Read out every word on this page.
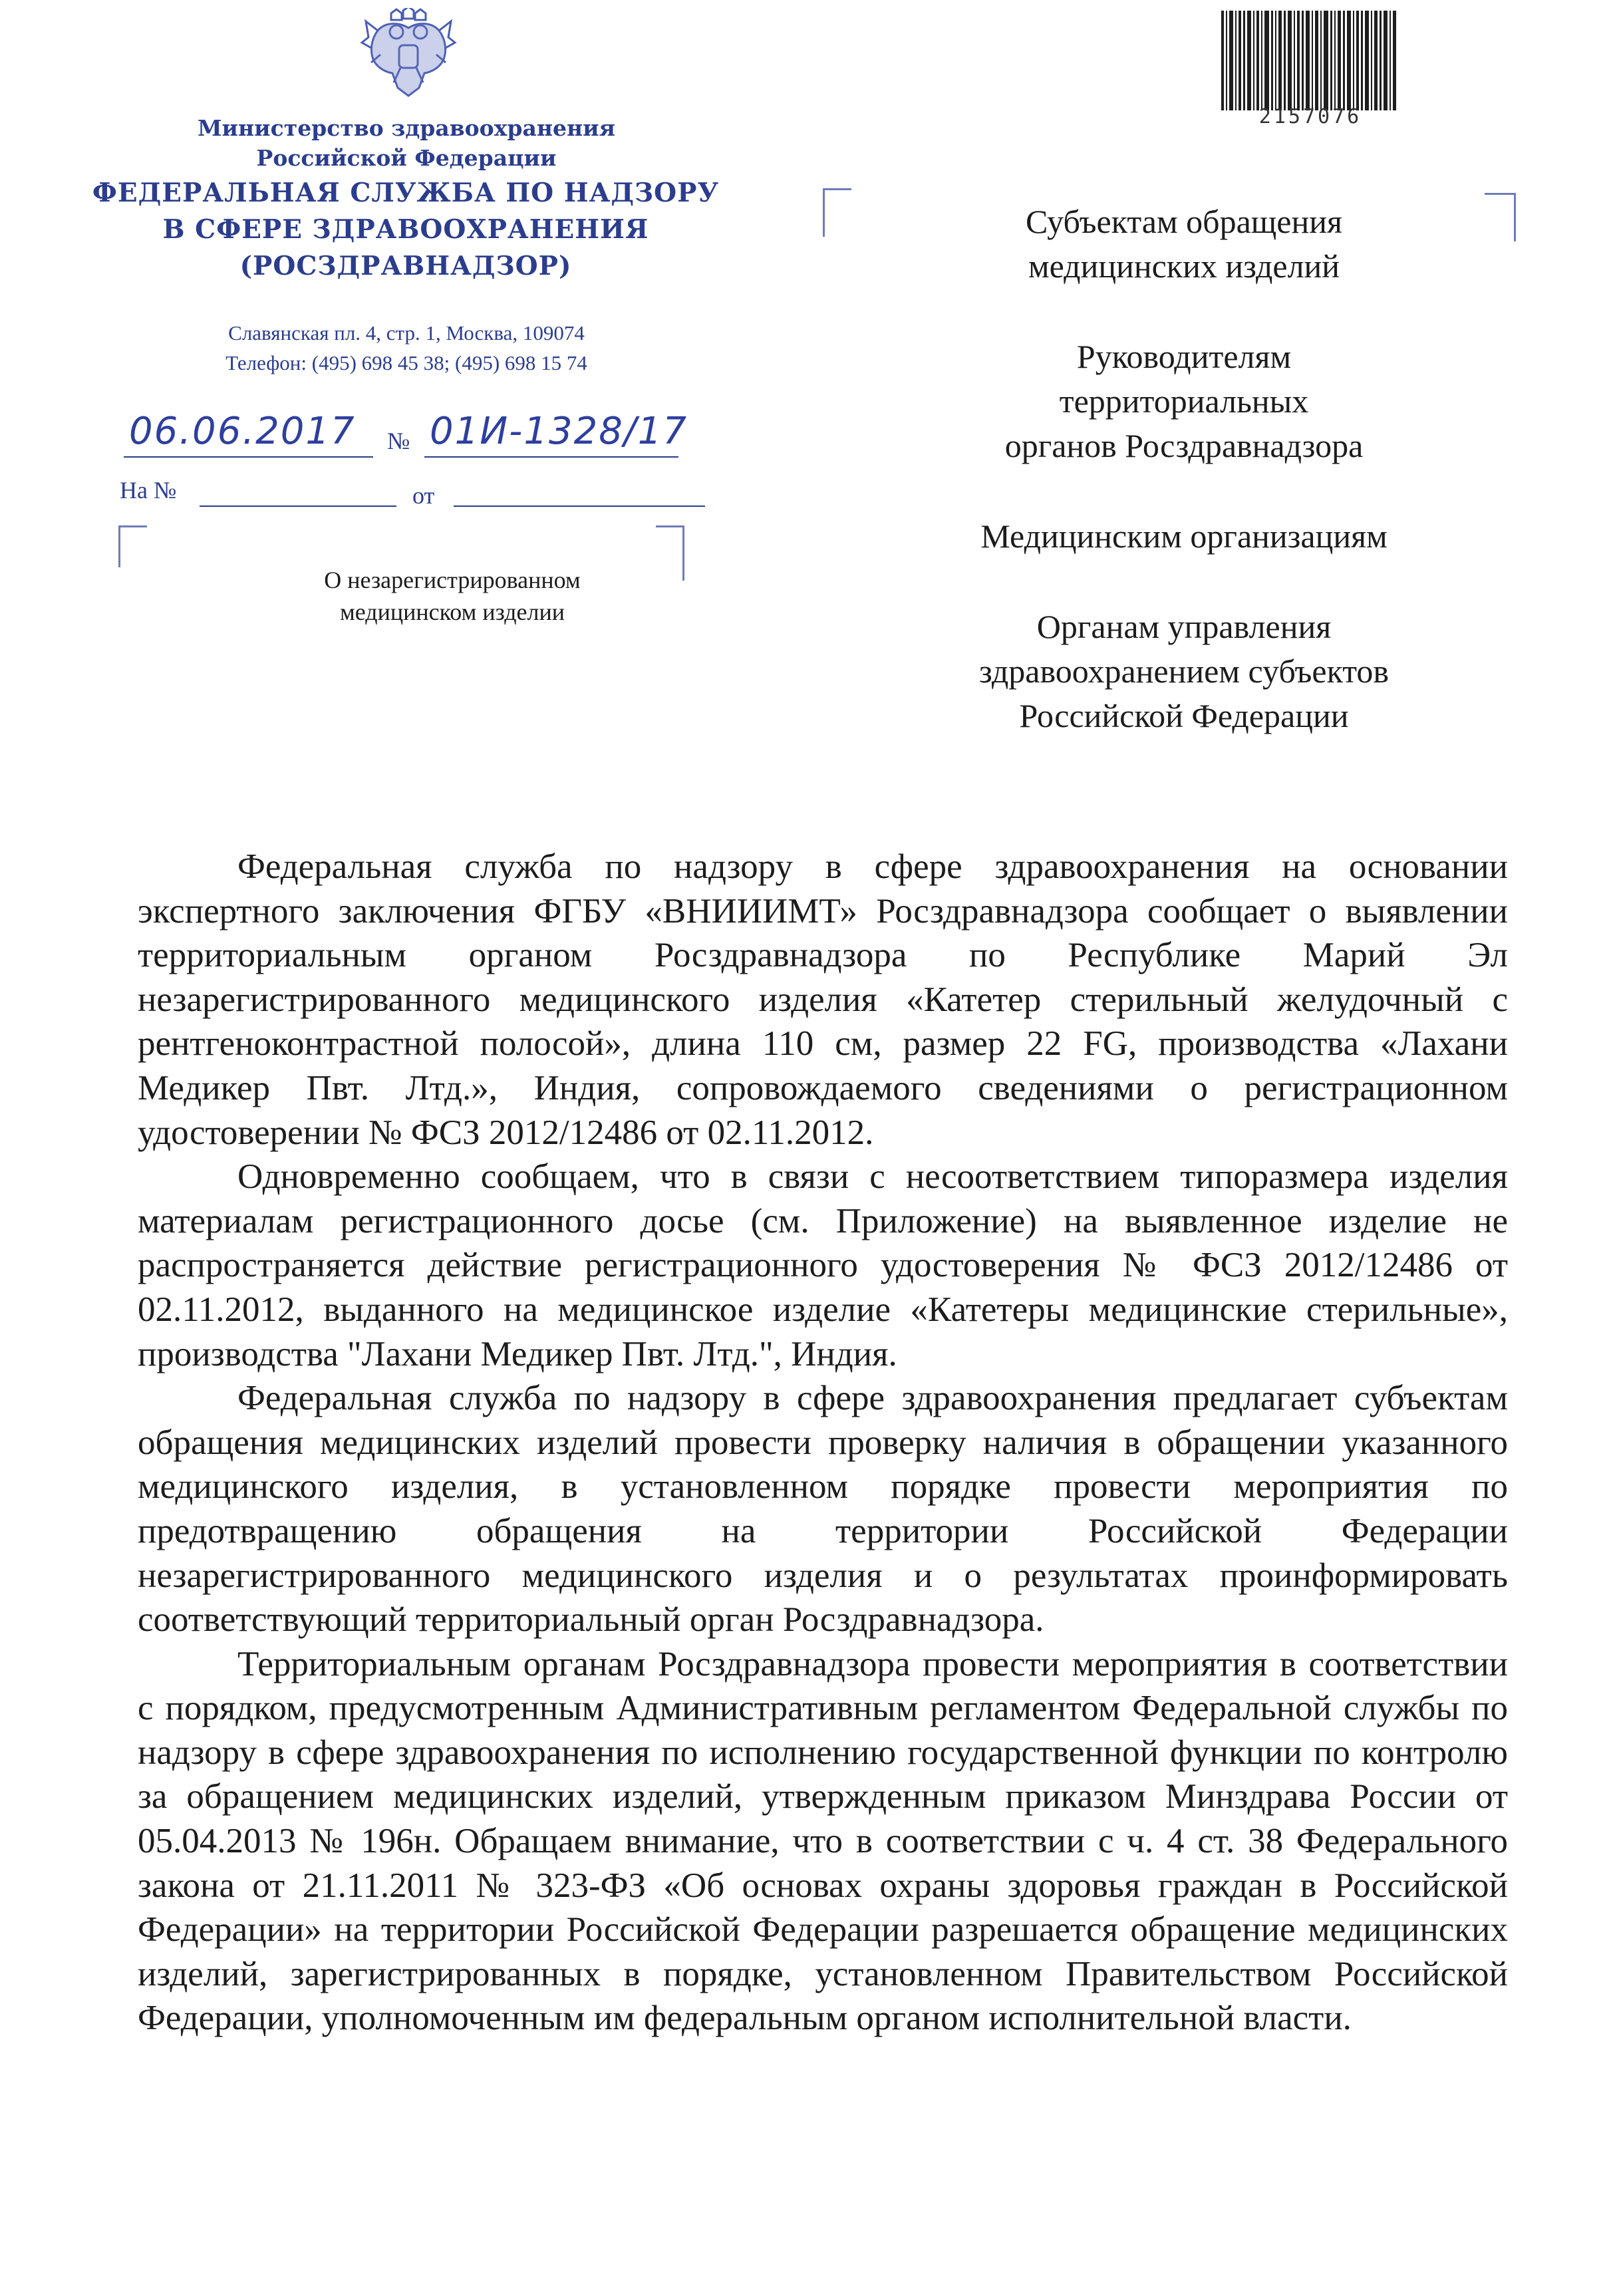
Министерство здравоохранения
Российской Федерации
ФЕДЕРАЛЬНАЯ СЛУЖБА ПО НАДЗОРУ
В СФЕРЕ ЗДРАВООХРАНЕНИЯ
(РОСЗДРАВНАДЗОР)
Славянская пл. 4, стр. 1, Москва, 109074
Телефон: (495) 698 45 38; (495) 698 15 74
06.06.2017 № 01И-1328/17
На №	от
О незарегистрированном
медицинском изделии
2157076
Субъектам обращения
медицинских изделий
Руководителям
территориальных
органов Росздравнадзора
Медицинским организациям
Органам управления
здравоохранением субъектов
Российской Федерации

Федеральная служба по надзору в сфере здравоохранения на основании экспертного заключения ФГБУ «ВНИИИМТ» Росздравнадзора сообщает о выявлении территориальным органом Росздравнадзора по Республике Марий Эл незарегистрированного медицинского изделия «Катетер стерильный желудочный с рентгеноконтрастной полосой», длина 110 см, размер 22 FG, производства «Лахани Медикер Пвт. Лтд.», Индия, сопровождаемого сведениями о регистрационном удостоверении № ФСЗ 2012/12486 от 02.11.2012.

Одновременно сообщаем, что в связи с несоответствием типоразмера изделия материалам регистрационного досье (см. Приложение) на выявленное изделие не распространяется действие регистрационного удостоверения № ФСЗ 2012/12486 от 02.11.2012, выданного на медицинское изделие «Катетеры медицинские стерильные», производства "Лахани Медикер Пвт. Лтд.", Индия.

Федеральная служба по надзору в сфере здравоохранения предлагает субъектам обращения медицинских изделий провести проверку наличия в обращении указанного медицинского изделия, в установленном порядке провести мероприятия по предотвращению обращения на территории Российской Федерации незарегистрированного медицинского изделия и о результатах проинформировать соответствующий территориальный орган Росздравнадзора.

Территориальным органам Росздравнадзора провести мероприятия в соответствии с порядком, предусмотренным Административным регламентом Федеральной службы по надзору в сфере здравоохранения по исполнению государственной функции по контролю за обращением медицинских изделий, утвержденным приказом Минздрава России от 05.04.2013 № 196н. Обращаем внимание, что в соответствии с ч. 4 ст. 38 Федерального закона от 21.11.2011 № 323-ФЗ «Об основах охраны здоровья граждан в Российской Федерации» на территории Российской Федерации разрешается обращение медицинских изделий, зарегистрированных в порядке, установленном Правительством Российской Федерации, уполномоченным им федеральным органом исполнительной власти.
